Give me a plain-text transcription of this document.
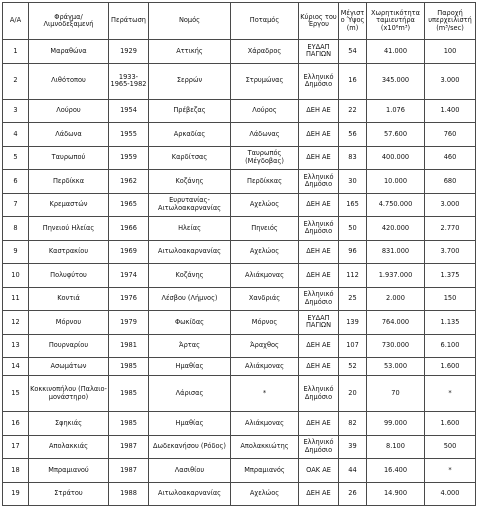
Α/Α	Φράγμα/ Λιμνοδεξαμενή	Περάτωση	Νομός	Ποταμός	Κύριος του Έργου	Μέγιστο Ύψος (m)	Χωρητικότητα ταμιευτήρα (x10⁶m³)	Παροχή υπερχειλιστή (m³/sec)
1	Μαραθώνα	1929	Αττικής	Χάραδρος	ΕΥΔΑΠ ΠΑΓΙΩΝ	54	41.000	100
2	Λιθότοπου	1933-1965-1982	Σερρών	Στρυμώνας	Ελληνικό Δημόσιο	16	345.000	3.000
3	Λούρου	1954	Πρέβεζας	Λούρος	ΔΕΗ ΑΕ	22	1.076	1.400
4	Λάδωνα	1955	Αρκαδίας	Λάδωνας	ΔΕΗ ΑΕ	56	57.600	760
5	Ταυρωπού	1959	Καρδίτσας	Ταυρωπός (Μέγδοβας)	ΔΕΗ ΑΕ	83	400.000	460
6	Περδίκκα	1962	Κοζάνης	Περδίκκας	Ελληνικό Δημόσιο	30	10.000	680
7	Κρεμαστών	1965	Ευρυτανίας-Αιτωλοακαρνανίας	Αχελώος	ΔΕΗ ΑΕ	165	4.750.000	3.000
8	Πηνειού Ηλείας	1966	Ηλείας	Πηνειός	Ελληνικό Δημόσιο	50	420.000	2.770
9	Καστρακίου	1969	Αιτωλοακαρνανίας	Αχελώος	ΔΕΗ ΑΕ	96	831.000	3.700
10	Πολυφύτου	1974	Κοζάνης	Αλιάκμονας	ΔΕΗ ΑΕ	112	1.937.000	1.375
11	Κοντιά	1976	Λέσβου (Λήμνος)	Χανδριάς	Ελληνικό Δημόσιο	25	2.000	150
12	Μόρνου	1979	Φωκίδας	Μόρνος	ΕΥΔΑΠ ΠΑΓΙΩΝ	139	764.000	1.135
13	Πουρναρίου	1981	Άρτας	Άραχθος	ΔΕΗ ΑΕ	107	730.000	6.100
14	Ασωμάτων	1985	Ημαθίας	Αλιάκμονας	ΔΕΗ ΑΕ	52	53.000	1.600
15	Κοκκινοπήλου (Παλαιο-μονάστηρο)	1985	Λάρισας	*	Ελληνικό Δημόσιο	20	70	*
16	Σφηκιάς	1985	Ημαθίας	Αλιάκμονας	ΔΕΗ ΑΕ	82	99.000	1.600
17	Απολακκιάς	1987	Δωδεκανήσου (Ρόδος)	Απολακκιώτης	Ελληνικό Δημόσιο	39	8.100	500
18	Μπραμιανού	1987	Λασιθίου	Μπραμιανός	ΟΑΚ ΑΕ	44	16.400	*
19	Στράτου	1988	Αιτωλοακαρνανίας	Αχελώος	ΔΕΗ ΑΕ	26	14.900	4.000
